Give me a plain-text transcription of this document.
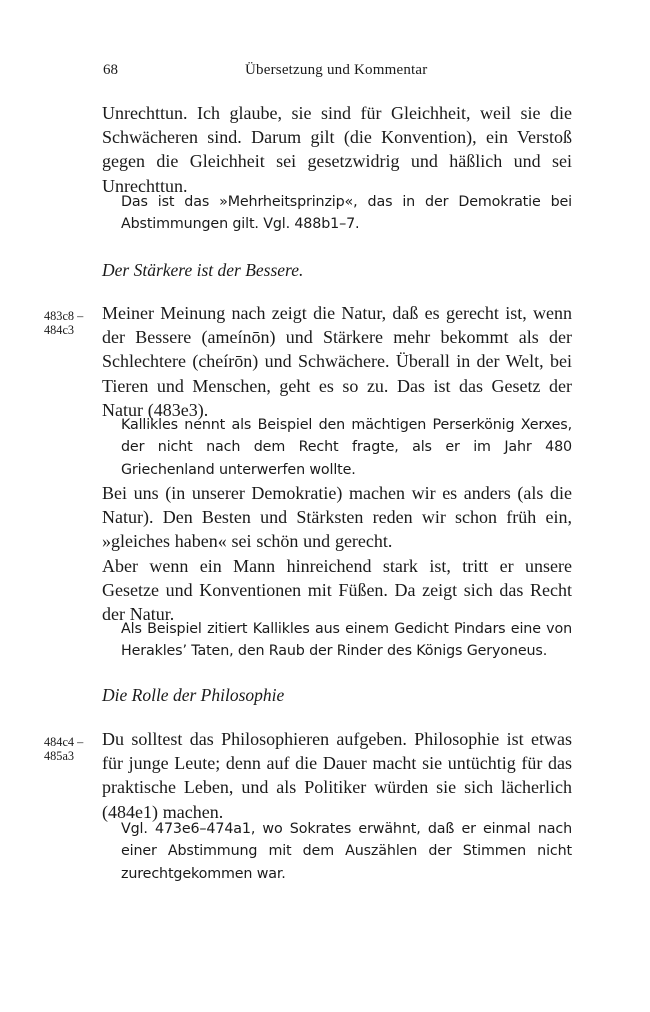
68	Übersetzung und Kommentar

Unrechttun. Ich glaube, sie sind für Gleichheit, weil sie die Schwächeren sind. Darum gilt (die Konvention), ein Verstoß gegen die Gleichheit sei gesetzwidrig und häßlich und sei Unrechttun.

Das ist das »Mehrheitsprinzip«, das in der Demokratie bei Abstimmungen gilt. Vgl. 488b1–7.

Der Stärkere ist der Bessere.

483c8 –
484c3

Meiner Meinung nach zeigt die Natur, daß es gerecht ist, wenn der Bessere (ameínōn) und Stärkere mehr bekommt als der Schlechtere (cheírōn) und Schwächere. Überall in der Welt, bei Tieren und Menschen, geht es so zu. Das ist das Gesetz der Natur (483e3).

Kallikles nennt als Beispiel den mächtigen Perserkönig Xerxes, der nicht nach dem Recht fragte, als er im Jahr 480 Griechenland unterwerfen wollte.

Bei uns (in unserer Demokratie) machen wir es anders (als die Natur). Den Besten und Stärksten reden wir schon früh ein, »gleiches haben« sei schön und gerecht.

Aber wenn ein Mann hinreichend stark ist, tritt er unsere Gesetze und Konventionen mit Füßen. Da zeigt sich das Recht der Natur.

Als Beispiel zitiert Kallikles aus einem Gedicht Pindars eine von Herakles’ Taten, den Raub der Rinder des Königs Geryoneus.

Die Rolle der Philosophie

484c4 –
485a3

Du solltest das Philosophieren aufgeben. Philosophie ist etwas für junge Leute; denn auf die Dauer macht sie untüchtig für das praktische Leben, und als Politiker würden sie sich lächerlich (484e1) machen.

Vgl. 473e6–474a1, wo Sokrates erwähnt, daß er einmal nach einer Abstimmung mit dem Auszählen der Stimmen nicht zurechtgekommen war.
